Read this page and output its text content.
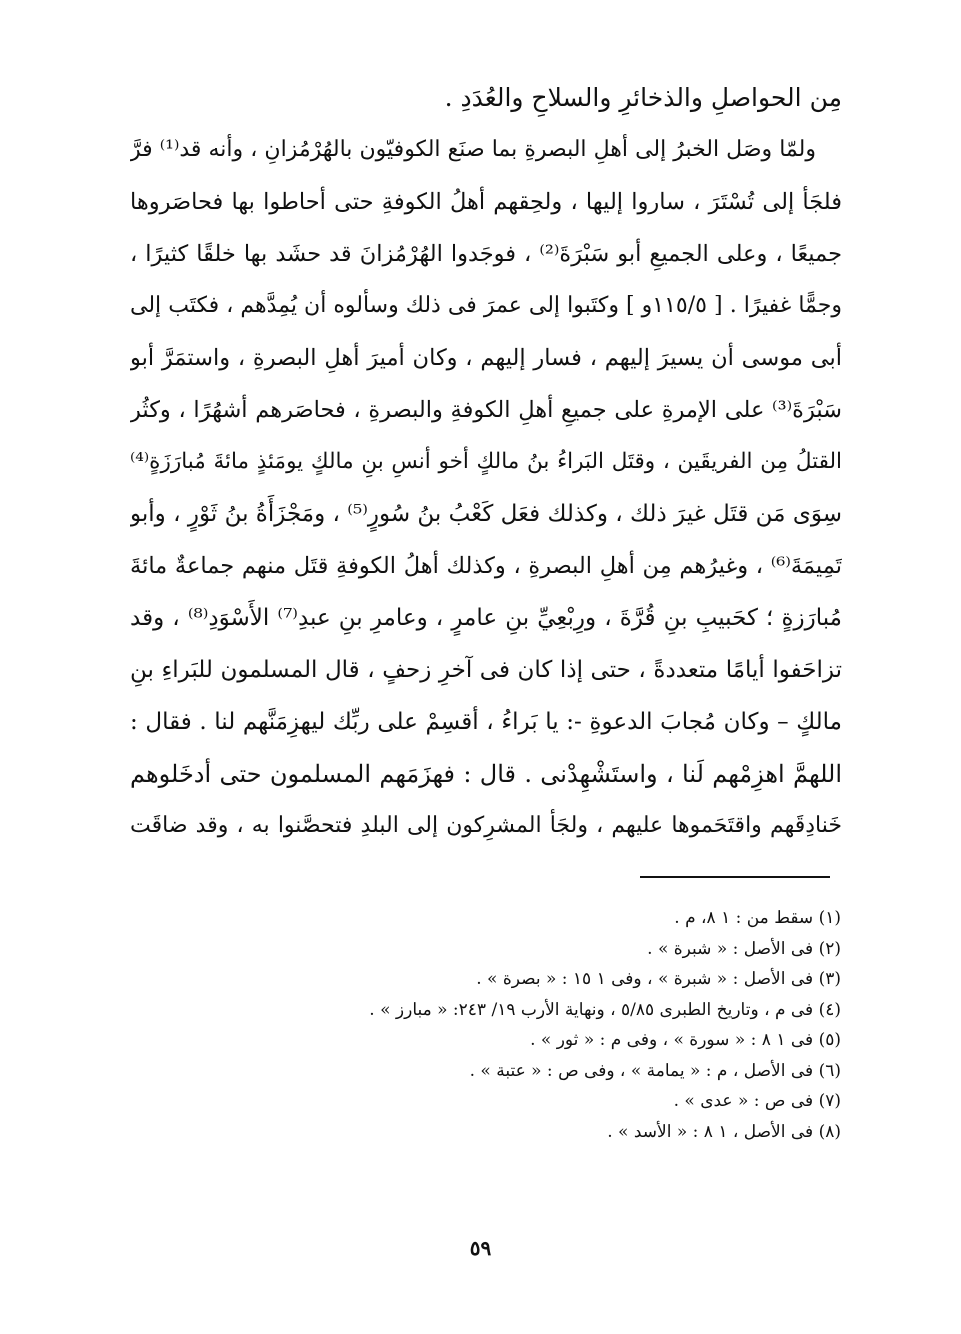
مِن الحواصلِ والذخائرِ والسلاحِ والعُدَدِ .
ولمّا وصَل الخبرُ إلى أهلِ البصرةِ بما صنَع الكوفيّون بالهُرْمُزانِ ، وأنه قد⁽¹⁾ فرَّ
فلجَأ إلى تُسْتَرَ ، ساروا إليها ، ولحِقهم أهلُ الكوفةِ حتى أحاطوا بها فحاصَروها
جميعًا ، وعلى الجميعِ أبو سَبْرَةَ⁽²⁾ ، فوجَدوا الهُرْمُزانَ قد حشَد بها خلقًا كثيرًا ،
وجمًّا غفيرًا . [ ١١٥/٥و ] وكتَبوا إلى عمرَ فى ذلك وسألوه أن يُمِدَّهم ، فكتَب إلى
أبى موسى أن يسيرَ إليهم ، فسار إليهم ، وكان أميرَ أهلِ البصرةِ ، واستمَرَّ أبو
سَبْرَةَ⁽³⁾ على الإمرةِ على جميعِ أهلِ الكوفةِ والبصرةِ ، فحاصَرهم أشهُرًا ، وكثُر
القتلُ مِن الفريقَين ، وقتَل البَراءُ بنُ مالكٍ أخو أنسِ بنِ مالكٍ يومَئذٍ مائةَ مُبارَزَةٍ⁽⁴⁾
سِوَى مَن قتَل غيرَ ذلك ، وكذلك فعَل كَعْبُ بنُ سُورٍ⁽⁵⁾ ، ومَجْزَأَةُ بنُ ثَوْرٍ ، وأبو
تَمِيمَةَ⁽⁶⁾ ، وغيرُهم مِن أهلِ البصرةِ ، وكذلك أهلُ الكوفةِ قتَل منهم جماعةٌ مائةَ
مُبارَزةٍ ؛ كحَبيبِ بنِ قُرَّةَ ، ورِبْعِيِّ بنِ عامرٍ ، وعامرِ بنِ عبدِ⁽⁷⁾ الأَسْوَدِ⁽⁸⁾ ، وقد
تزاحَفوا أيامًا متعددةً ، حتى إذا كان فى آخرِ زحفٍ ، قال المسلمون للبَراءِ بنِ
مالكٍ – وكان مُجابَ الدعوةِ -: يا بَراءُ ، أقسِمْ على ربِّك ليهزِمَنَّهم لنا . فقال :
اللهمَّ اهزِمْهم لَنا ، واستَشْهِدْنى . قال : فهزَمَهم المسلمون حتى أدخَلوهم
خَنادِقَهم واقتَحَموها عليهم ، ولجَأ المشرِكون إلى البلدِ فتحصَّنوا به ، وقد ضاقَت
(١) سقط من : ١ ٨، م .
(٢) فى الأصل : « شبرة » .
(٣) فى الأصل : « شبرة » ، وفى ١ ١٥ : « بصرة » .
(٤) فى م ، وتاريخ الطبرى ٥/٨٥ ، ونهاية الأرب ١٩/ ٢٤٣: « مبارز » .
(٥) فى ١ ٨ : « سورة » ، وفى م : « ثور » .
(٦) فى الأصل ، م : « يمامة » ، وفى ص : « عتبة » .
(٧) فى ص : « عدى » .
(٨) فى الأصل ، ١ ٨ : « الأسد » .
٥٩
